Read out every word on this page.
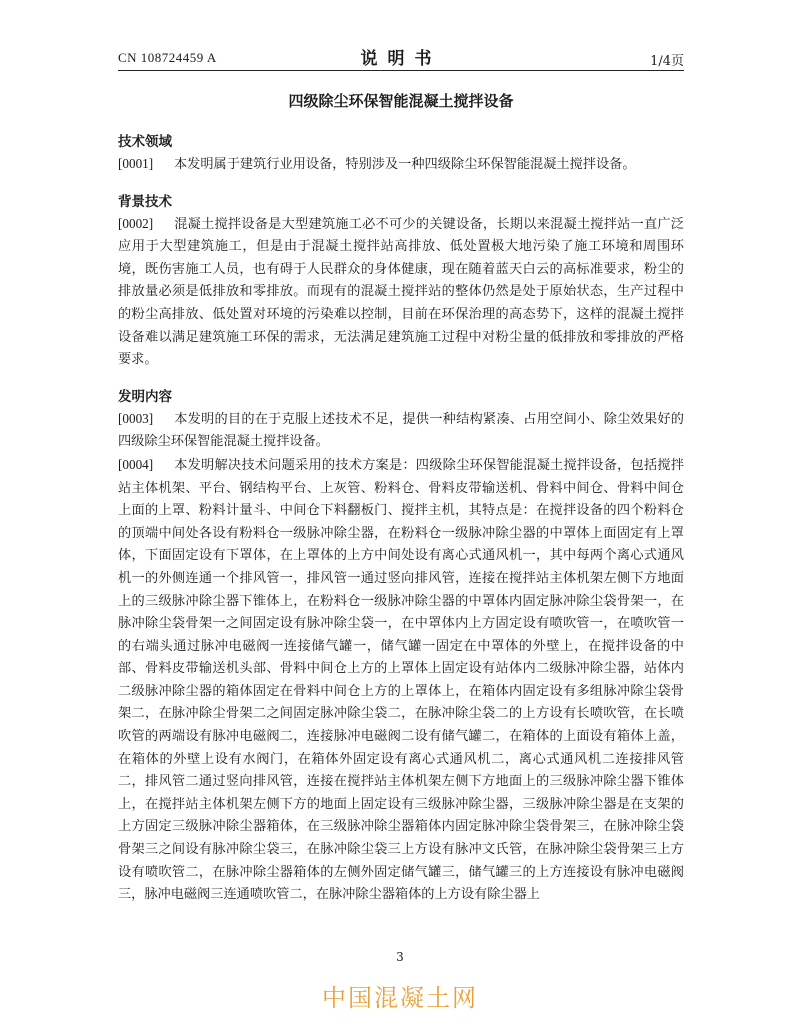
CN 108724459 A	说明书	1/4页
四级除尘环保智能混凝土搅拌设备
技术领域
[0001] 本发明属于建筑行业用设备，特别涉及一种四级除尘环保智能混凝土搅拌设备。
背景技术
[0002] 混凝土搅拌设备是大型建筑施工必不可少的关键设备，长期以来混凝土搅拌站一直广泛应用于大型建筑施工，但是由于混凝土搅拌站高排放、低处置极大地污染了施工环境和周围环境，既伤害施工人员，也有碍于人民群众的身体健康，现在随着蓝天白云的高标准要求，粉尘的排放量必须是低排放和零排放。而现有的混凝土搅拌站的整体仍然是处于原始状态，生产过程中的粉尘高排放、低处置对环境的污染难以控制，目前在环保治理的高态势下，这样的混凝土搅拌设备难以满足建筑施工环保的需求，无法满足建筑施工过程中对粉尘量的低排放和零排放的严格要求。
发明内容
[0003] 本发明的目的在于克服上述技术不足，提供一种结构紧凑、占用空间小、除尘效果好的四级除尘环保智能混凝土搅拌设备。
[0004] 本发明解决技术问题采用的技术方案是：四级除尘环保智能混凝土搅拌设备，包括搅拌站主体机架、平台、钢结构平台、上灰管、粉料仓、骨料皮带输送机、骨料中间仓、骨料中间仓上面的上罩、粉料计量斗、中间仓下料翻板门、搅拌主机，其特点是：在搅拌设备的四个粉料仓的顶端中间处各设有粉料仓一级脉冲除尘器，在粉料仓一级脉冲除尘器的中罩体上面固定有上罩体，下面固定设有下罩体，在上罩体的上方中间处设有离心式通风机一，其中每两个离心式通风机一的外侧连通一个排风管一，排风管一通过竖向排风管，连接在搅拌站主体机架左侧下方地面上的三级脉冲除尘器下锥体上，在粉料仓一级脉冲除尘器的中罩体内固定脉冲除尘袋骨架一，在脉冲除尘袋骨架一之间固定设有脉冲除尘袋一，在中罩体内上方固定设有喷吹管一，在喷吹管一的右端头通过脉冲电磁阀一连接储气罐一，储气罐一固定在中罩体的外壁上，在搅拌设备的中部、骨料皮带输送机头部、骨料中间仓上方的上罩体上固定设有站体内二级脉冲除尘器，站体内二级脉冲除尘器的箱体固定在骨料中间仓上方的上罩体上，在箱体内固定设有多组脉冲除尘袋骨架二，在脉冲除尘骨架二之间固定脉冲除尘袋二，在脉冲除尘袋二的上方设有长喷吹管，在长喷吹管的两端设有脉冲电磁阀二，连接脉冲电磁阀二设有储气罐二，在箱体的上面设有箱体上盖，在箱体的外壁上设有水阀门，在箱体外固定设有离心式通风机二，离心式通风机二连接排风管二，排风管二通过竖向排风管，连接在搅拌站主体机架左侧下方地面上的三级脉冲除尘器下锥体上，在搅拌站主体机架左侧下方的地面上固定设有三级脉冲除尘器，三级脉冲除尘器是在支架的上方固定三级脉冲除尘器箱体，在三级脉冲除尘器箱体内固定脉冲除尘袋骨架三，在脉冲除尘袋骨架三之间设有脉冲除尘袋三，在脉冲除尘袋三上方设有脉冲文氏管，在脉冲除尘袋骨架三上方设有喷吹管二，在脉冲除尘器箱体的左侧外固定储气罐三，储气罐三的上方连接设有脉冲电磁阀三，脉冲电磁阀三连通喷吹管二，在脉冲除尘器箱体的上方设有除尘器上
3
中国混凝土网
